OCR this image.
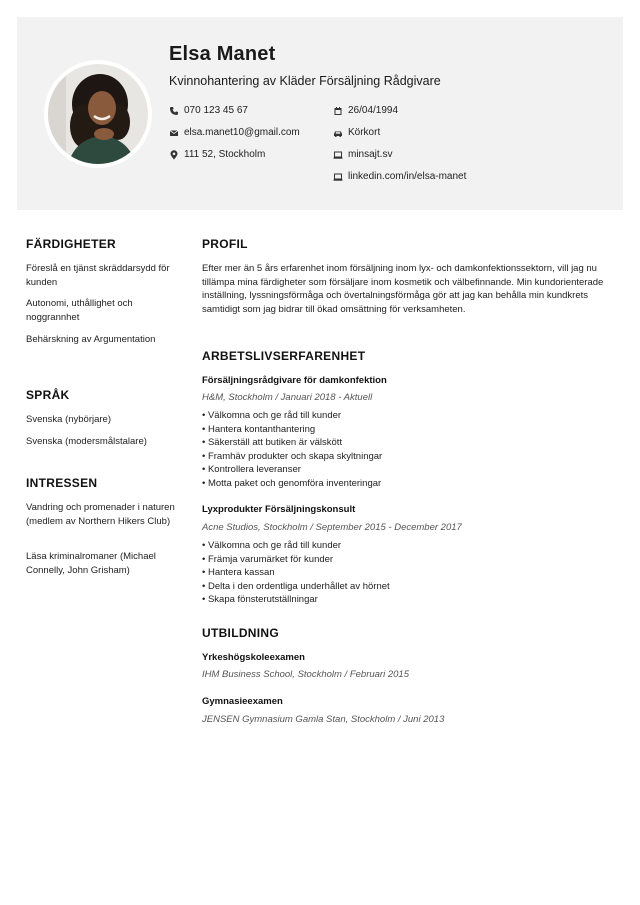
Elsa Manet
Kvinnohantering av Kläder Försäljning Rådgivare
070 123 45 67
elsa.manet10@gmail.com
111 52, Stockholm
26/04/1994
Körkort
minsajt.sv
linkedin.com/in/elsa-manet
FÄRDIGHETER
Föreslå en tjänst skräddarsydd för kunden
Autonomi, uthållighet och noggrannhet
Behärskning av Argumentation
SPRÅK
Svenska (nybörjare)
Svenska (modersmålstalare)
INTRESSEN
Vandring och promenader i naturen (medlem av Northern Hikers Club)
Läsa kriminalromaner (Michael Connelly, John Grisham)
PROFIL
Efter mer än 5 års erfarenhet inom försäljning inom lyx- och damkonfektionssektorn, vill jag nu tillämpa mina färdigheter som försäljare inom kosmetik och välbefinnande. Min kundorienterade inställning, lyssningsförmåga och övertalningsförmåga gör att jag kan behålla min kundkrets samtidigt som jag bidrar till ökad omsättning för verksamheten.
ARBETSLIVSERFARENHET
Försäljningsrådgivare för damkonfektion
H&M, Stockholm / Januari 2018 - Aktuell
• Välkomna och ge råd till kunder
• Hantera kontanthantering
• Säkerställ att butiken är välskött
• Framhäv produkter och skapa skyltningar
• Kontrollera leveranser
• Motta paket och genomföra inventeringar
Lyxprodukter Försäljningskonsult
Acne Studios, Stockholm / September 2015 - December 2017
• Välkomna och ge råd till kunder
• Främja varumärket för kunder
• Hantera kassan
• Delta i den ordentliga underhållet av hörnet
• Skapa fönsterutställningar
UTBILDNING
Yrkeshögskoleexamen
IHM Business School, Stockholm / Februari 2015
Gymnasieexamen
JENSEN Gymnasium Gamla Stan, Stockholm / Juni 2013
